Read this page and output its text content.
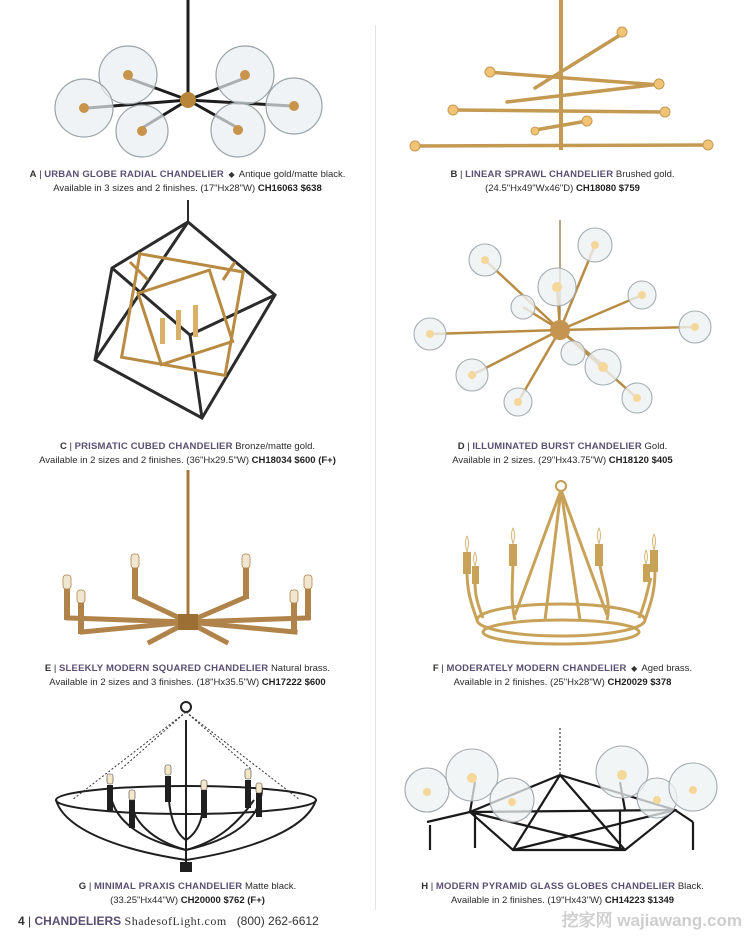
A | URBAN GLOBE RADIAL CHANDELIER ◆ Antique gold/matte black.
Available in 3 sizes and 2 finishes. (17"Hx28"W) CH16063 $638
B | LINEAR SPRAWL CHANDELIER Brushed gold.
(24.5"Hx49"Wx46"D) CH18080 $759
C | PRISMATIC CUBED CHANDELIER Bronze/matte gold.
Available in 2 sizes and 2 finishes. (36"Hx29.5"W) CH18034 $600 (F+)
D | ILLUMINATED BURST CHANDELIER Gold.
Available in 2 sizes. (29"Hx43.75"W) CH18120 $405
E | SLEEKLY MODERN SQUARED CHANDELIER Natural brass.
Available in 2 sizes and 3 finishes. (18"Hx35.5"W) CH17222 $600
F | MODERATELY MODERN CHANDELIER ◆ Aged brass.
Available in 2 finishes. (25"Hx28"W) CH20029 $378
G | MINIMAL PRAXIS CHANDELIER Matte black.
(33.25"Hx44"W) CH20000 $762 (F+)
H | MODERN PYRAMID GLASS GLOBES CHANDELIER Black.
Available in 2 finishes. (19"Hx43"W) CH14223 $1349
4 | CHANDELIERS ShadesofLight.com (800) 262-6612	挖家网 wajiawang.com
